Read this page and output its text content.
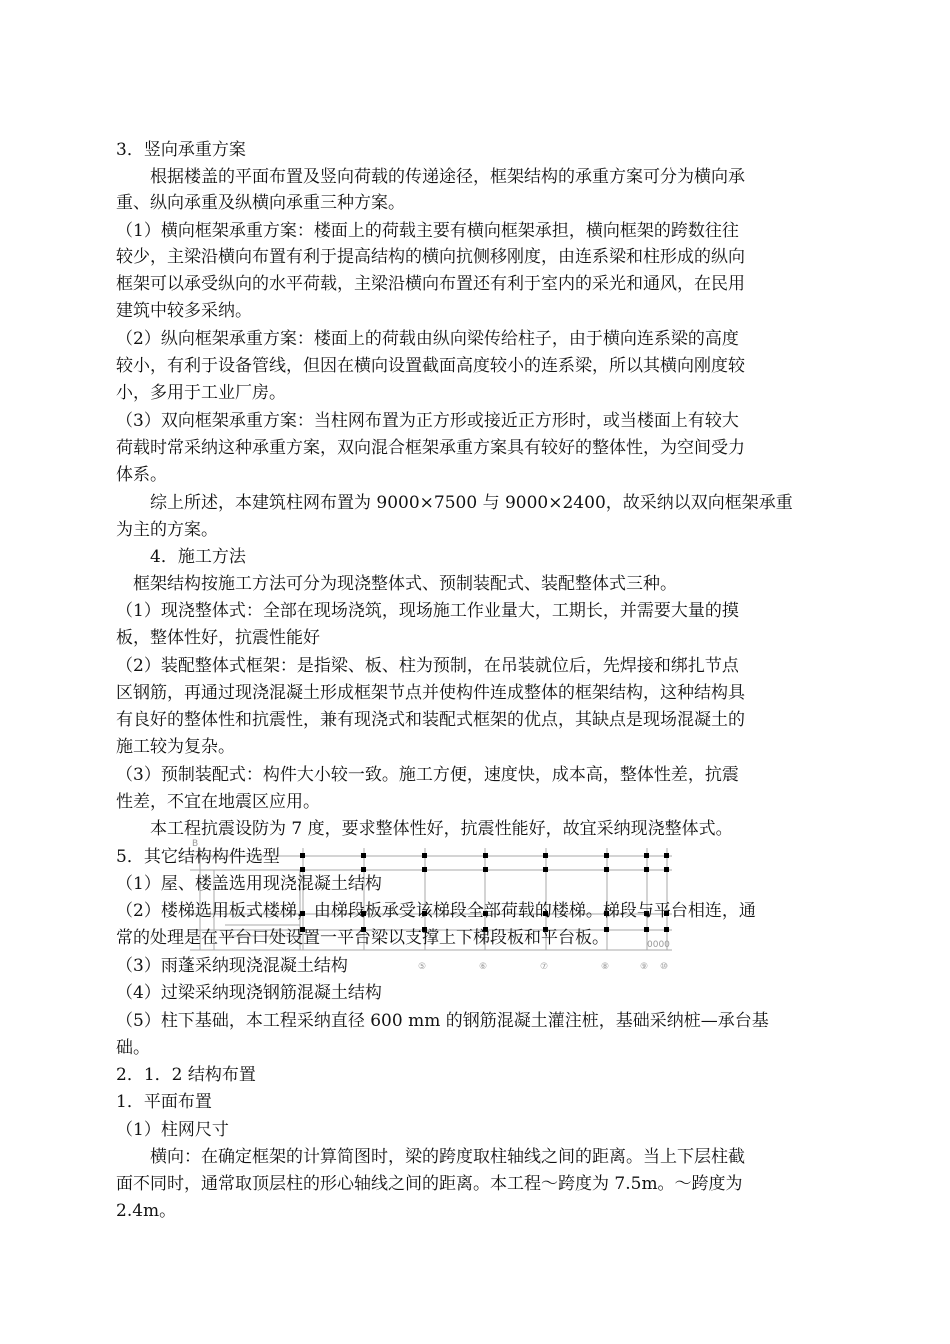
B
0000
⑤	⑥	⑦	⑧	⑨ ⑩
3．竖向承重方案
根据楼盖的平面布置及竖向荷载的传递途径，框架结构的承重方案可分为横向承
重、纵向承重及纵横向承重三种方案。
（1）横向框架承重方案：楼面上的荷载主要有横向框架承担，横向框架的跨数往往
较少，主梁沿横向布置有利于提高结构的横向抗侧移刚度，由连系梁和柱形成的纵向
框架可以承受纵向的水平荷载，主梁沿横向布置还有利于室内的采光和通风，在民用
建筑中较多采纳。
（2）纵向框架承重方案：楼面上的荷载由纵向梁传给柱子，由于横向连系梁的高度
较小，有利于设备管线，但因在横向设置截面高度较小的连系梁，所以其横向刚度较
小，多用于工业厂房。
（3）双向框架承重方案：当柱网布置为正方形或接近正方形时，或当楼面上有较大
荷载时常采纳这种承重方案，双向混合框架承重方案具有较好的整体性，为空间受力
体系。
综上所述，本建筑柱网布置为 9000×7500 与 9000×2400，故采纳以双向框架承重
为主的方案。
4．施工方法
框架结构按施工方法可分为现浇整体式、预制装配式、装配整体式三种。
（1）现浇整体式：全部在现场浇筑，现场施工作业量大，工期长，并需要大量的摸
板，整体性好，抗震性能好
（2）装配整体式框架：是指梁、板、柱为预制，在吊装就位后，先焊接和绑扎节点
区钢筋，再通过现浇混凝土形成框架节点并使构件连成整体的框架结构，这种结构具
有良好的整体性和抗震性，兼有现浇式和装配式框架的优点，其缺点是现场混凝土的
施工较为复杂。
（3）预制装配式：构件大小较一致。施工方便，速度快，成本高，整体性差，抗震
性差，不宜在地震区应用。
本工程抗震设防为 7 度，要求整体性好，抗震性能好，故宜采纳现浇整体式。
5．其它结构构件选型
（1）屋、楼盖选用现浇混凝土结构
（2）楼梯选用板式楼梯，由梯段板承受该梯段全部荷载的楼梯。梯段与平台相连，通
常的处理是在平台口处设置一平台梁以支撑上下梯段板和平台板。
（3）雨蓬采纳现浇混凝土结构
（4）过梁采纳现浇钢筋混凝土结构
（5）柱下基础，本工程采纳直径 600 mm 的钢筋混凝土灌注桩，基础采纳桩—承台基
础。
2．1．2 结构布置
1．平面布置
（1）柱网尺寸
横向：在确定框架的计算简图时，梁的跨度取柱轴线之间的距离。当上下层柱截
面不同时，通常取顶层柱的形心轴线之间的距离。本工程～跨度为 7.5m。～跨度为
2.4m。
